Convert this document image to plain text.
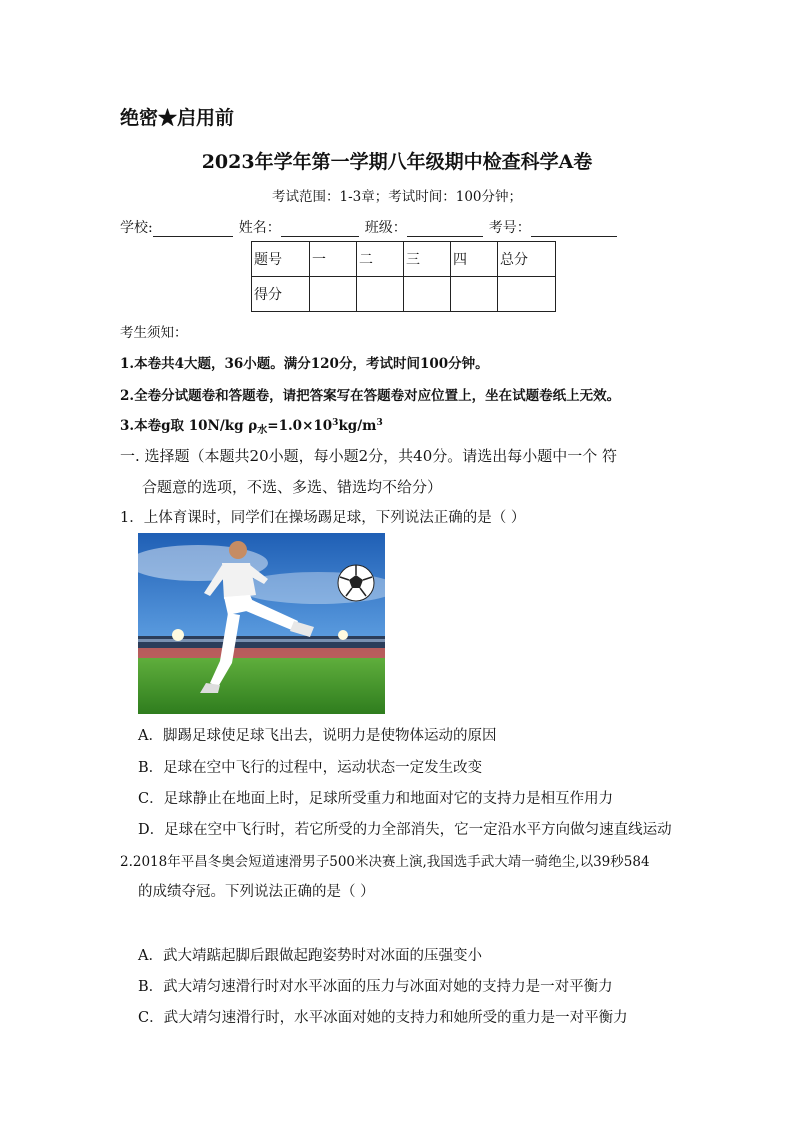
绝密★启用前
2023年学年第一学期八年级期中检查科学A卷
考试范围：1-3章；考试时间：100分钟；
学校:	姓名：	班级：	考号：
题号	一	二	三	四	总分
得分					
考生须知：
1.本卷共4大题，36小题。满分120分，考试时间100分钟。
2.全卷分试题卷和答题卷，请把答案写在答题卷对应位置上，坐在试题卷纸上无效。
3.本卷g取 10N/kg $\rho_水=1.0\times 10^3kg/m^3$
一. 选择题（本题共20小题，每小题2分，共40分。请选出每小题中一个 符
合题意的选项，不选、多选、错选均不给分）
1．上体育课时，同学们在操场踢足球，下列说法正确的是（ ）
A．脚踢足球使足球飞出去，说明力是使物体运动的原因
B．足球在空中飞行的过程中，运动状态一定发生改变
C．足球静止在地面上时，足球所受重力和地面对它的支持力是相互作用力
D．足球在空中飞行时，若它所受的力全部消失，它一定沿水平方向做匀速直线运动
2.2018年平昌冬奥会短道速滑男子500米决赛上演,我国选手武大靖一骑绝尘,以39秒584
的成绩夺冠。下列说法正确的是（ ）
A．武大靖踮起脚后跟做起跑姿势时对冰面的压强变小
B．武大靖匀速滑行时对水平冰面的压力与冰面对她的支持力是一对平衡力
C．武大靖匀速滑行时，水平冰面对她的支持力和她所受的重力是一对平衡力
